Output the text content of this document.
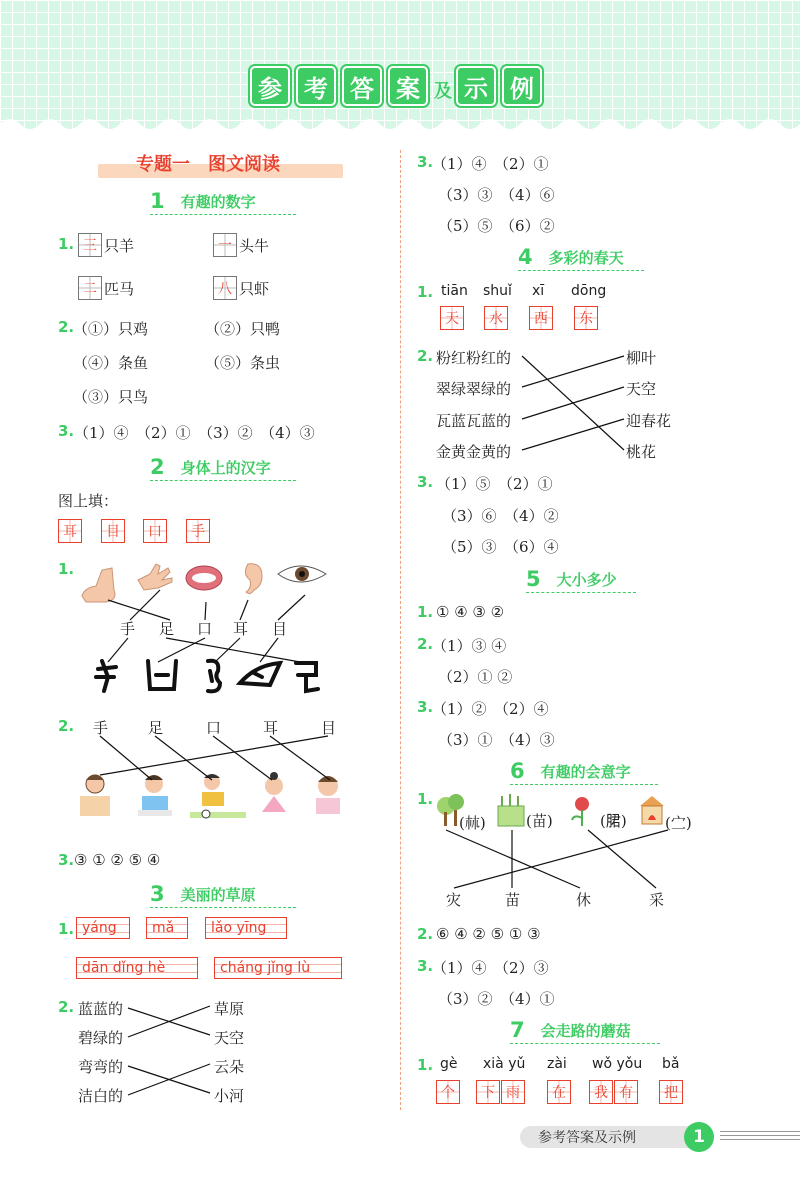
参 考 答 案 及 示 例
专题一　图文阅读
1 有趣的数字
1. 三 只羊	一 头牛
二 匹马	八 只虾
2.
（①）只鸡	（②）只鸭
（④）条鱼	（⑤）条虫
（③）只鸟
3. （1）④　（2）①　（3）②　（4）③
2 身体上的汉字
图上填：
耳	目	口	手
1.
手 足 口 耳 目
2. 手	足	口	耳	目
3. ③ ① ② ⑤ ④
3 美丽的草原
1. yáng	mǎ	lǎo yīng
dān dǐng hè	cháng jǐng lù
2. 蓝蓝的
碧绿的
弯弯的
洁白的
草原
天空
云朵
小河
3.
（1）④　（2）①
（3）③　（4）⑥
（5）⑤　（6）②
4 多彩的春天
1. tiān shuǐ xī dōng
天	水	西	东
2. 粉红粉红的
翠绿翠绿的
瓦蓝瓦蓝的
金黄金黄的
柳叶
天空
迎春花
桃花
3. （1）⑤　（2）①
（3）⑥　（4）②
（5）③　（6）④
5 大小多少
1. ① ④ ③ ②
2.
（1）③ ④
（2）① ②
3.
（1）②　（2）④
（3）①　（4）③
6 有趣的会意字
1.
(𣏟)	(苗)	(𬂁)	(㝉)
灾	苗	休	采
2. ⑥ ④ ② ⑤ ① ③
3.
（1）④　（2）③
（3）②　（4）①
7 会走路的蘑菇
1. gè xià yǔ zài wǒ yǒu bǎ
个	下 雨	在	我 有	把
参考答案及示例	1
